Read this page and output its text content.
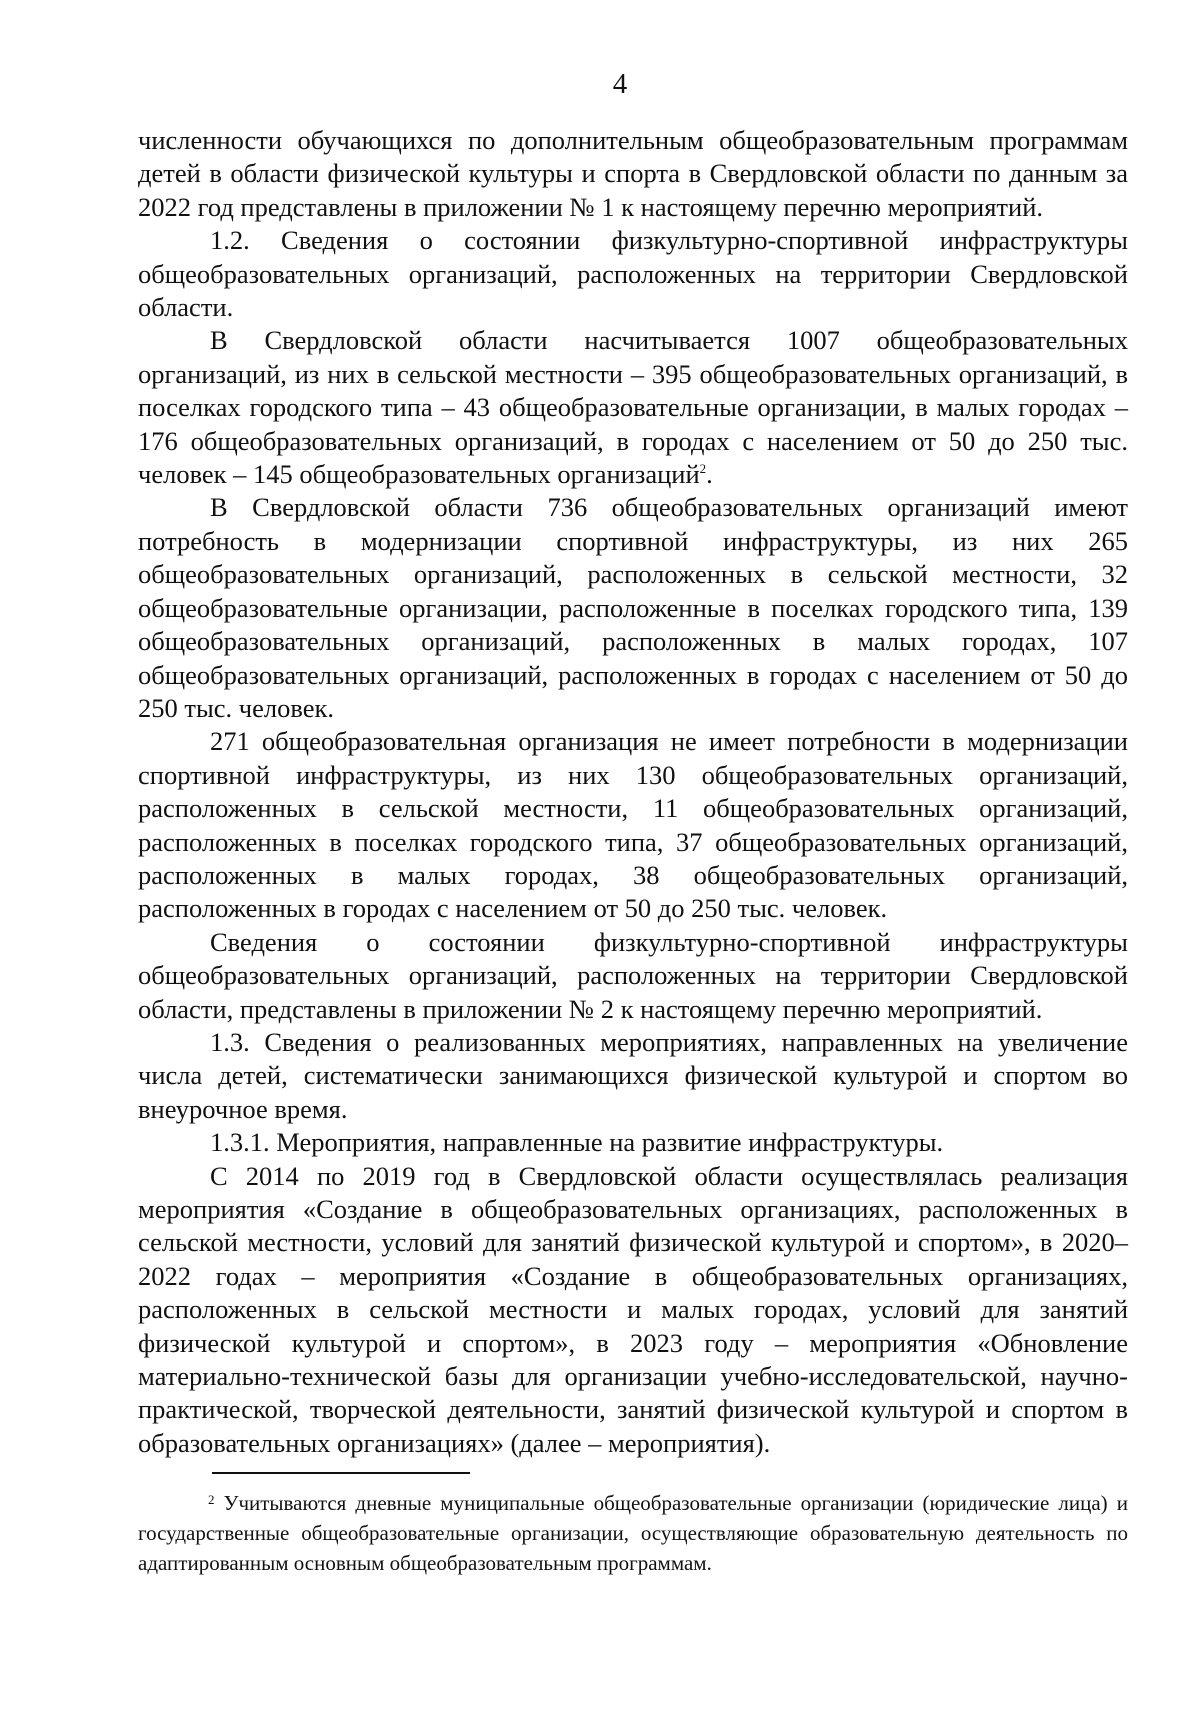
4

численности обучающихся по дополнительным общеобразовательным программам детей в области физической культуры и спорта в Свердловской области по данным за 2022 год представлены в приложении № 1 к настоящему перечню мероприятий.

1.2. Сведения о состоянии физкультурно-спортивной инфраструктуры общеобразовательных организаций, расположенных на территории Свердловской области.

В Свердловской области насчитывается 1007 общеобразовательных организаций, из них в сельской местности – 395 общеобразовательных организаций, в поселках городского типа – 43 общеобразовательные организации, в малых городах – 176 общеобразовательных организаций, в городах с населением от 50 до 250 тыс. человек – 145 общеобразовательных организаций$^2$.

В Свердловской области 736 общеобразовательных организаций имеют потребность в модернизации спортивной инфраструктуры, из них 265 общеобразовательных организаций, расположенных в сельской местности, 32 общеобразовательные организации, расположенные в поселках городского типа, 139 общеобразовательных организаций, расположенных в малых городах, 107 общеобразовательных организаций, расположенных в городах с населением от 50 до 250 тыс. человек.

271 общеобразовательная организация не имеет потребности в модернизации спортивной инфраструктуры, из них 130 общеобразовательных организаций, расположенных в сельской местности, 11 общеобразовательных организаций, расположенных в поселках городского типа, 37 общеобразовательных организаций, расположенных в малых городах, 38 общеобразовательных организаций, расположенных в городах с населением от 50 до 250 тыс. человек.

Сведения о состоянии физкультурно-спортивной инфраструктуры общеобразовательных организаций, расположенных на территории Свердловской области, представлены в приложении № 2 к настоящему перечню мероприятий.

1.3. Сведения о реализованных мероприятиях, направленных на увеличение числа детей, систематически занимающихся физической культурой и спортом во внеурочное время.

1.3.1. Мероприятия, направленные на развитие инфраструктуры.

С 2014 по 2019 год в Свердловской области осуществлялась реализация мероприятия «Создание в общеобразовательных организациях, расположенных в сельской местности, условий для занятий физической культурой и спортом», в 2020–2022 годах – мероприятия «Создание в общеобразовательных организациях, расположенных в сельской местности и малых городах, условий для занятий физической культурой и спортом», в 2023 году – мероприятия «Обновление материально-технической базы для организации учебно-исследовательской, научно-практической, творческой деятельности, занятий физической культурой и спортом в образовательных организациях» (далее – мероприятия).

$^2$ Учитываются дневные муниципальные общеобразовательные организации (юридические лица) и государственные общеобразовательные организации, осуществляющие образовательную деятельность по адаптированным основным общеобразовательным программам.
